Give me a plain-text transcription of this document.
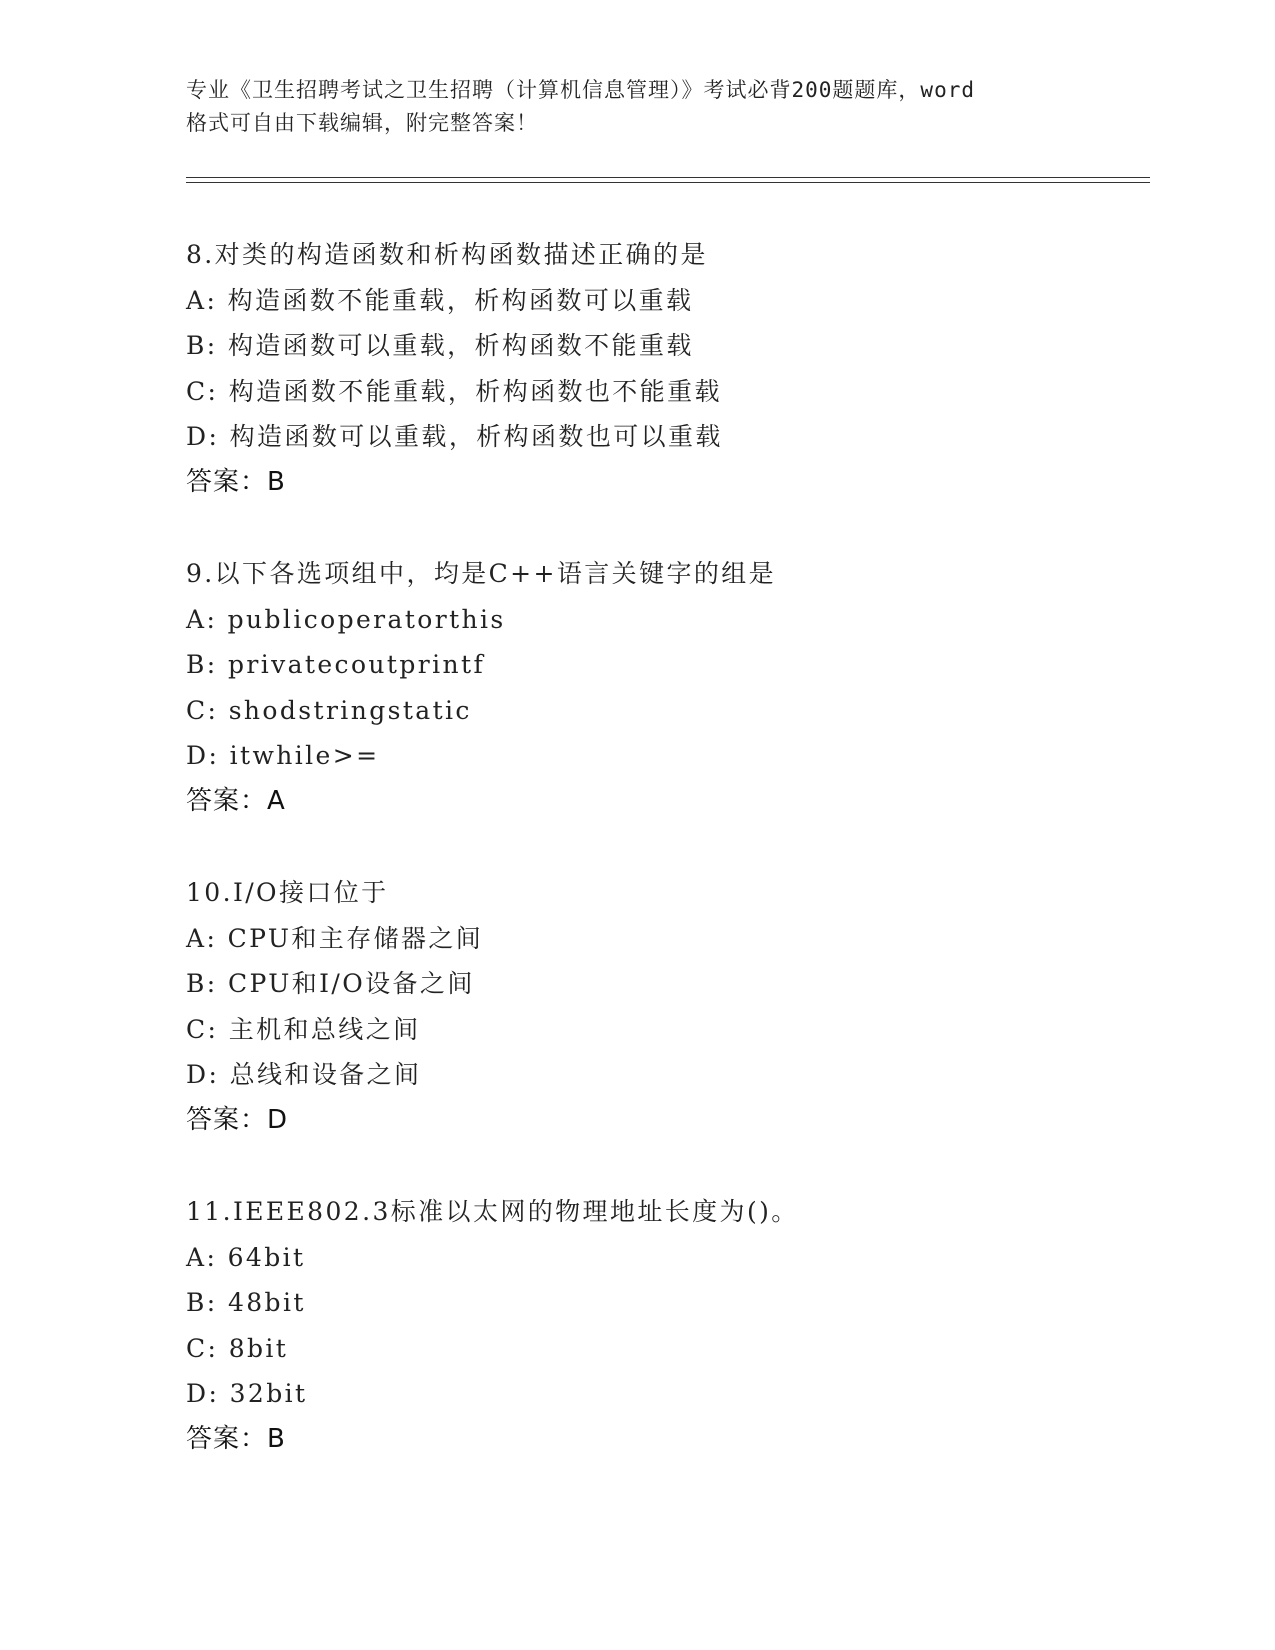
专业《卫生招聘考试之卫生招聘（计算机信息管理）》考试必背200题题库，word
格式可自由下载编辑，附完整答案！
8.对类的构造函数和析构函数描述正确的是
A: 构造函数不能重载，析构函数可以重载
B: 构造函数可以重载，析构函数不能重载
C: 构造函数不能重载，析构函数也不能重载
D: 构造函数可以重载，析构函数也可以重载
答案：B
9.以下各选项组中，均是C++语言关键字的组是
A: publicoperatorthis
B: privatecoutprintf
C: shodstringstatic
D: itwhile>=
答案：A
10.I/O接口位于
A: CPU和主存储器之间
B: CPU和I/O设备之间
C: 主机和总线之间
D: 总线和设备之间
答案：D
11.IEEE802.3标准以太网的物理地址长度为()。
A: 64bit
B: 48bit
C: 8bit
D: 32bit
答案：B
